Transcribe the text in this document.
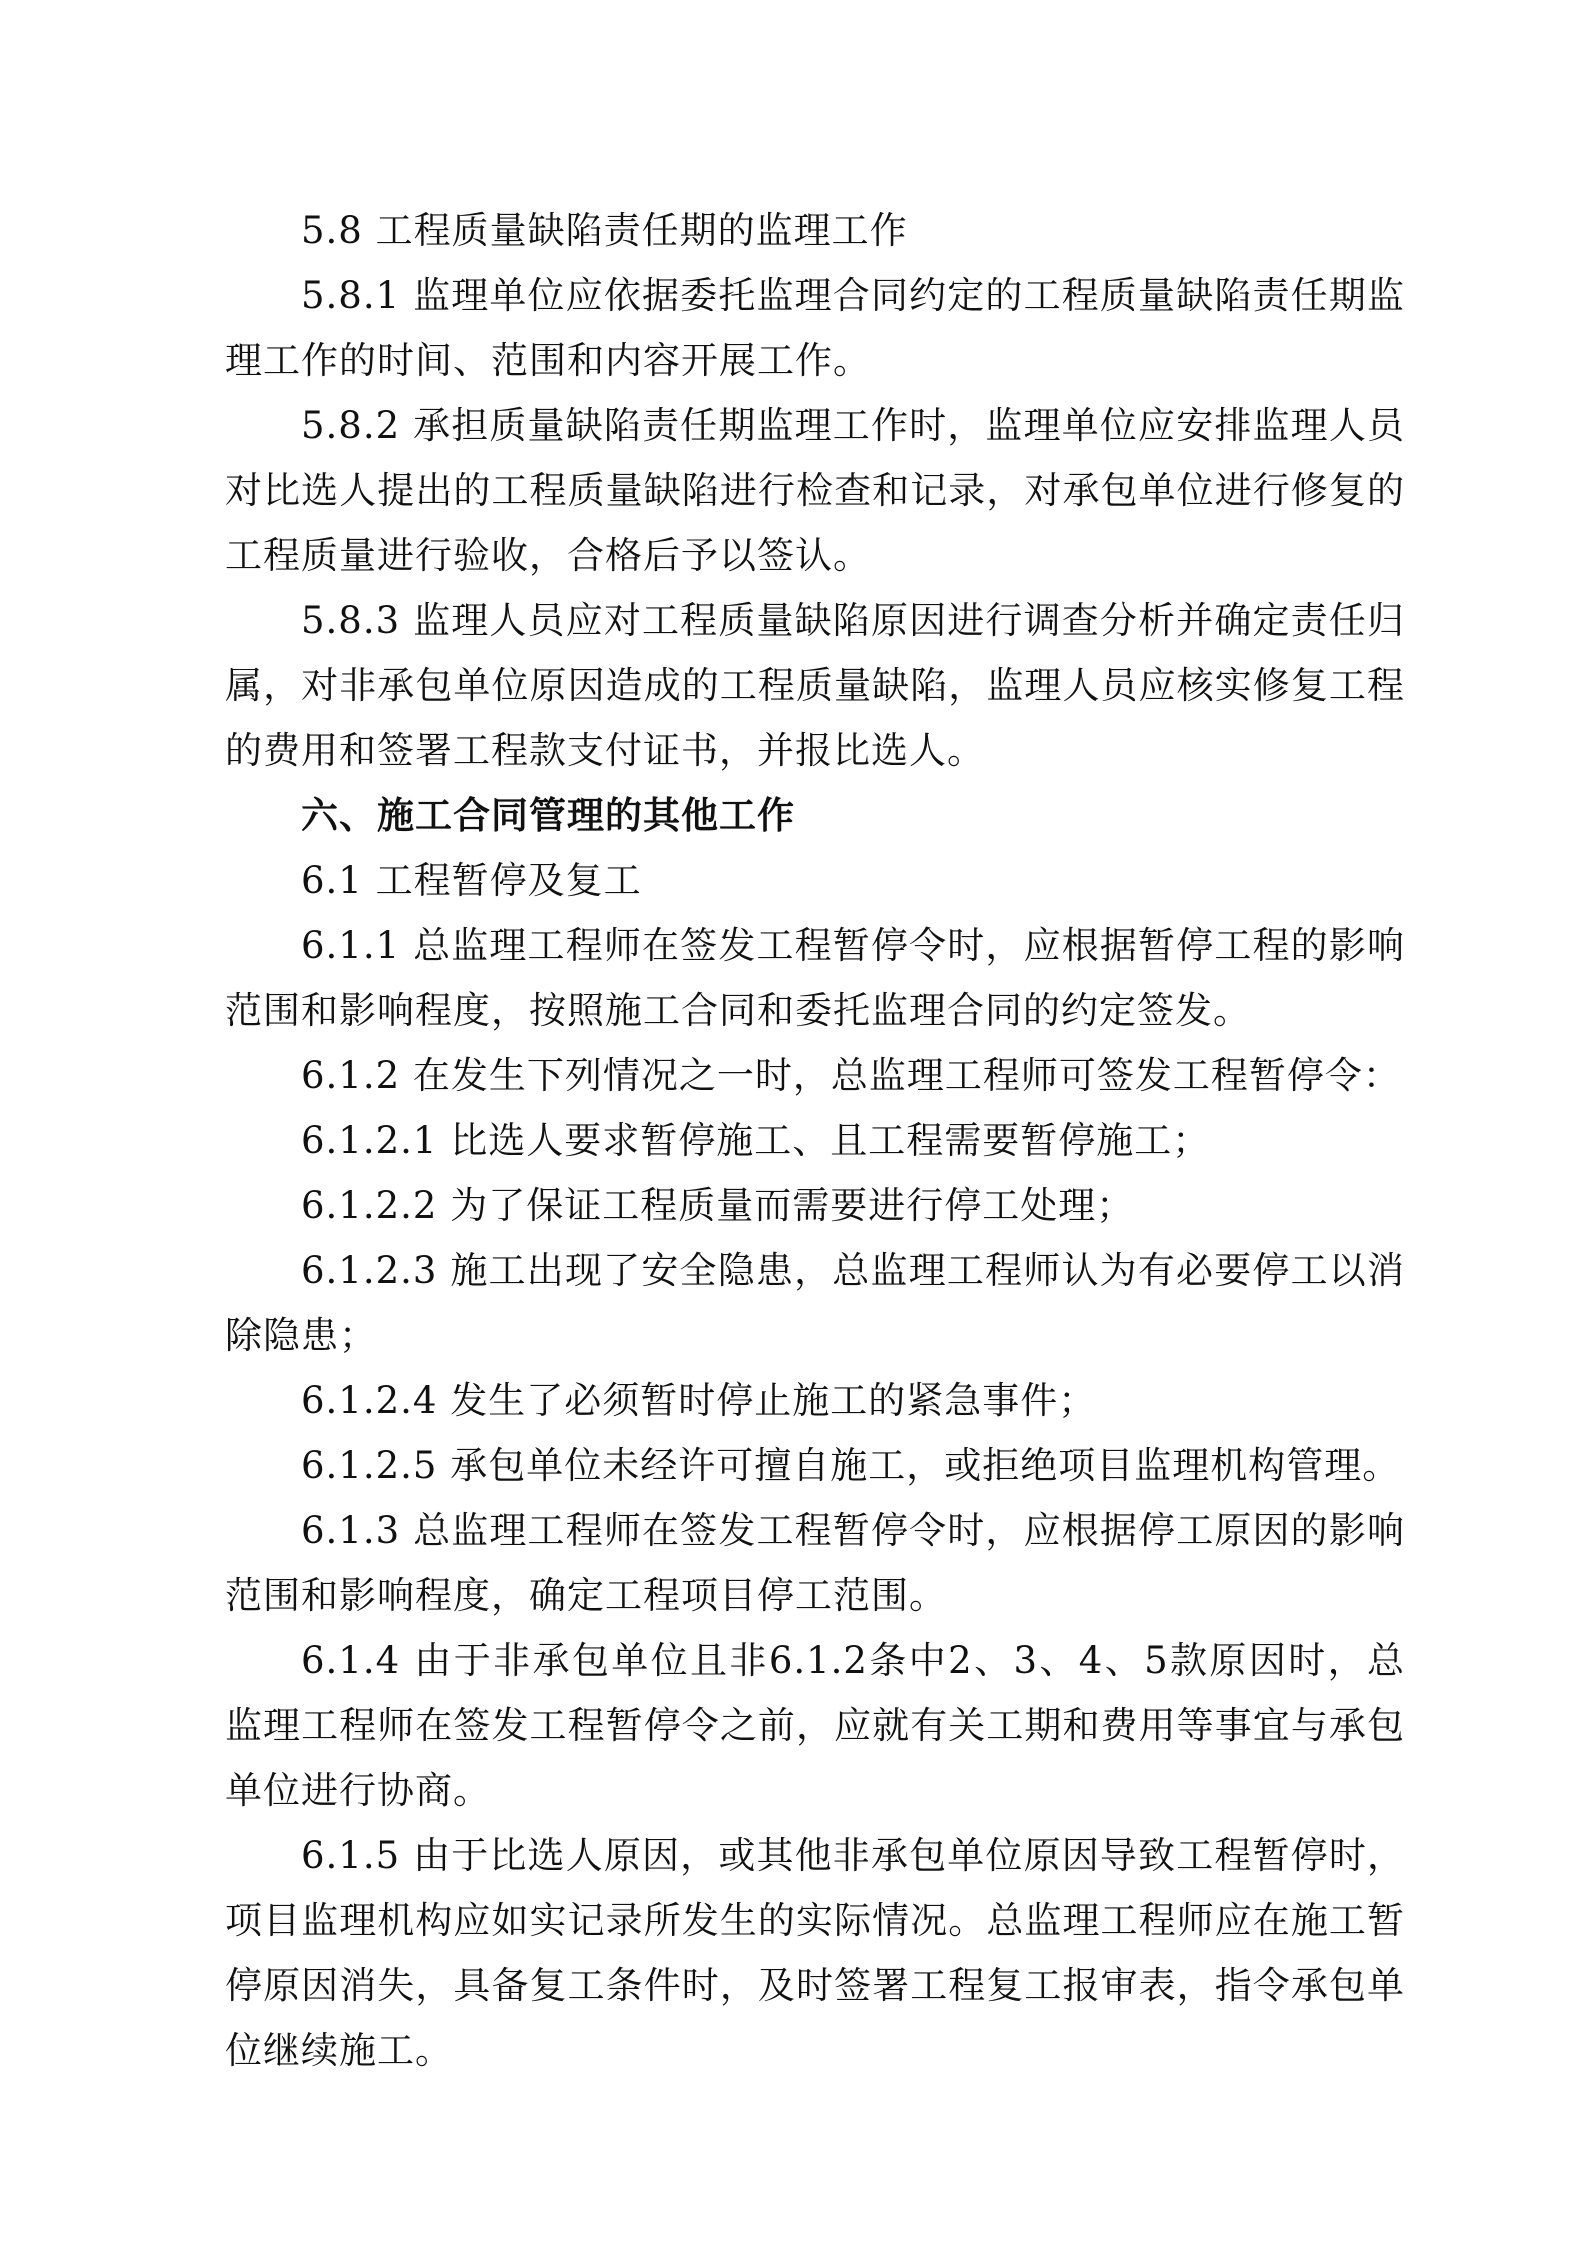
5.8 工程质量缺陷责任期的监理工作

5.8.1 监理单位应依据委托监理合同约定的工程质量缺陷责任期监理工作的时间、范围和内容开展工作。

5.8.2 承担质量缺陷责任期监理工作时，监理单位应安排监理人员对比选人提出的工程质量缺陷进行检查和记录，对承包单位进行修复的工程质量进行验收，合格后予以签认。

5.8.3 监理人员应对工程质量缺陷原因进行调查分析并确定责任归属，对非承包单位原因造成的工程质量缺陷，监理人员应核实修复工程的费用和签署工程款支付证书，并报比选人。

六、施工合同管理的其他工作

6.1 工程暂停及复工

6.1.1 总监理工程师在签发工程暂停令时，应根据暂停工程的影响范围和影响程度，按照施工合同和委托监理合同的约定签发。

6.1.2 在发生下列情况之一时，总监理工程师可签发工程暂停令：

6.1.2.1 比选人要求暂停施工、且工程需要暂停施工；

6.1.2.2 为了保证工程质量而需要进行停工处理；

6.1.2.3 施工出现了安全隐患，总监理工程师认为有必要停工以消除隐患；

6.1.2.4 发生了必须暂时停止施工的紧急事件；

6.1.2.5 承包单位未经许可擅自施工，或拒绝项目监理机构管理。

6.1.3 总监理工程师在签发工程暂停令时，应根据停工原因的影响范围和影响程度，确定工程项目停工范围。

6.1.4 由于非承包单位且非6.1.2条中2、3、4、5款原因时，总监理工程师在签发工程暂停令之前，应就有关工期和费用等事宜与承包单位进行协商。

6.1.5 由于比选人原因，或其他非承包单位原因导致工程暂停时，项目监理机构应如实记录所发生的实际情况。总监理工程师应在施工暂停原因消失，具备复工条件时，及时签署工程复工报审表，指令承包单位继续施工。
